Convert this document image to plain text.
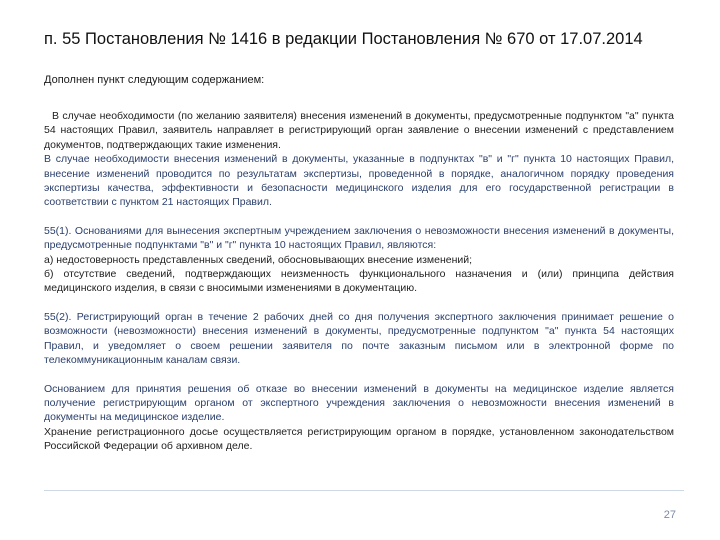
п. 55 Постановления № 1416 в редакции Постановления № 670 от 17.07.2014
Дополнен пункт следующим содержанием:

В случае необходимости (по желанию заявителя) внесения изменений в документы, предусмотренные подпунктом "а" пункта 54 настоящих Правил, заявитель направляет в регистрирующий орган заявление о внесении изменений с представлением документов, подтверждающих такие изменения.

В случае необходимости внесения изменений в документы, указанные в подпунктах "в" и "г" пункта 10 настоящих Правил, внесение изменений проводится по результатам экспертизы, проведенной в порядке, аналогичном порядку проведения экспертизы качества, эффективности и безопасности медицинского изделия для его государственной регистрации в соответствии с пунктом 21 настоящих Правил.

55(1). Основаниями для вынесения экспертным учреждением заключения о невозможности внесения изменений в документы, предусмотренные подпунктами "в" и "г" пункта 10 настоящих Правил, являются:

а) недостоверность представленных сведений, обосновывающих внесение изменений;

б) отсутствие сведений, подтверждающих неизменность функционального назначения и (или) принципа действия медицинского изделия, в связи с вносимыми изменениями в документацию.

55(2). Регистрирующий орган в течение 2 рабочих дней со дня получения экспертного заключения принимает решение о возможности (невозможности) внесения изменений в документы, предусмотренные подпунктом "а" пункта 54 настоящих Правил, и уведомляет о своем решении заявителя по почте заказным письмом или в электронной форме по телекоммуникационным каналам связи.

Основанием для принятия решения об отказе во внесении изменений в документы на медицинское изделие является получение регистрирующим органом от экспертного учреждения заключения о невозможности внесения изменений в документы на медицинское изделие.

Хранение регистрационного досье осуществляется регистрирующим органом в порядке, установленном законодательством Российской Федерации об архивном деле.

27
